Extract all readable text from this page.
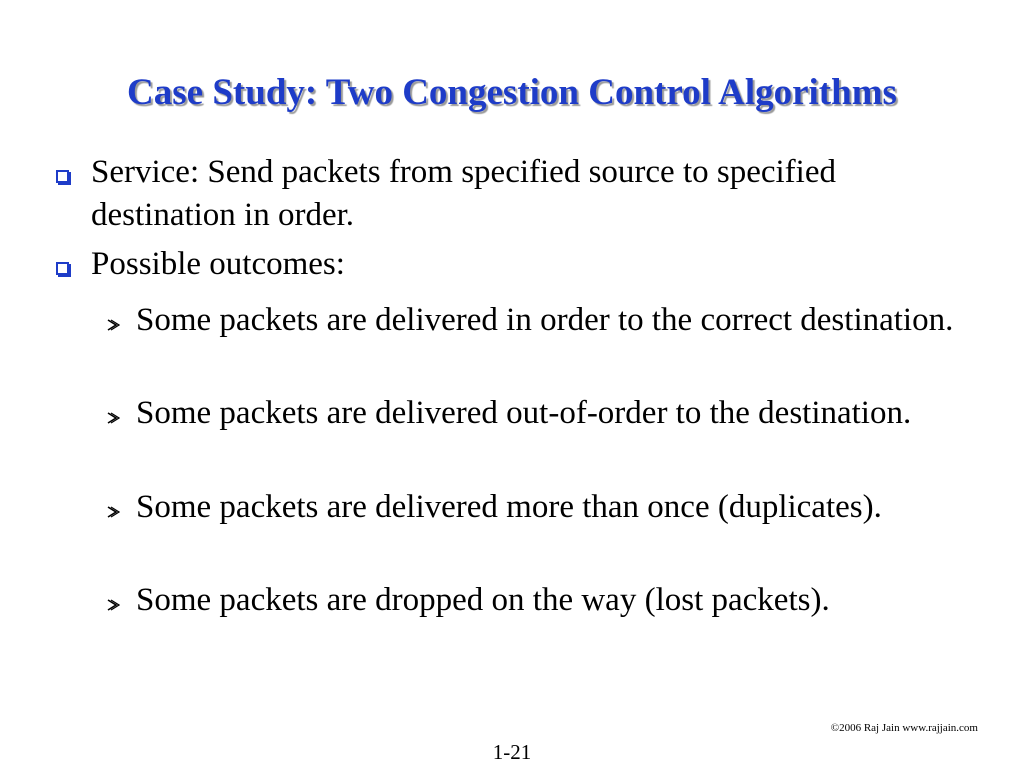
Case Study: Two Congestion Control Algorithms
Service: Send packets from specified source to specified destination in order.
Possible outcomes:
Some packets are delivered in order to the correct destination.
Some packets are delivered out-of-order to the destination.
Some packets are delivered more than once (duplicates).
Some packets are dropped on the way (lost packets).
©2006 Raj Jain www.rajjain.com
1-21
